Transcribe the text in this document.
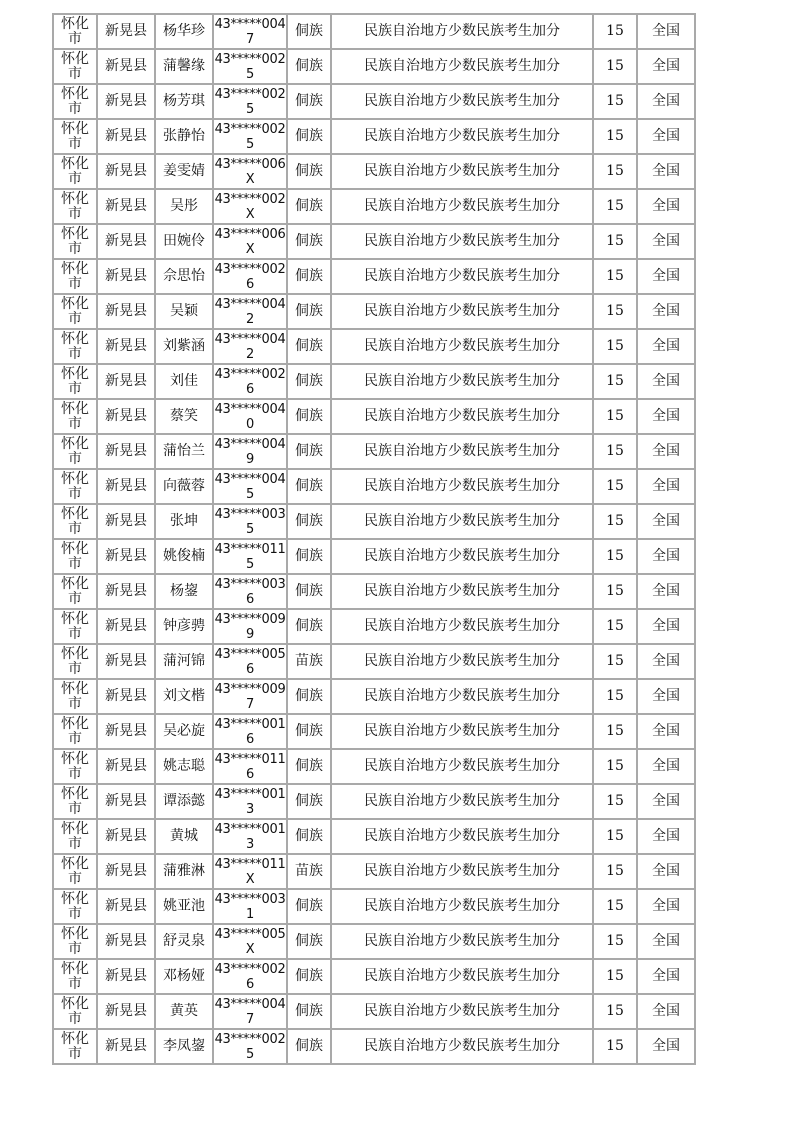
怀化市	新晃县	杨华珍	43*****0047	侗族	民族自治地方少数民族考生加分	15	全国
怀化市	新晃县	蒲馨缘	43*****0025	侗族	民族自治地方少数民族考生加分	15	全国
怀化市	新晃县	杨芳琪	43*****0025	侗族	民族自治地方少数民族考生加分	15	全国
怀化市	新晃县	张静怡	43*****0025	侗族	民族自治地方少数民族考生加分	15	全国
怀化市	新晃县	姜雯婧	43*****006X	侗族	民族自治地方少数民族考生加分	15	全国
怀化市	新晃县	吴彤	43*****002X	侗族	民族自治地方少数民族考生加分	15	全国
怀化市	新晃县	田婉伶	43*****006X	侗族	民族自治地方少数民族考生加分	15	全国
怀化市	新晃县	佘思怡	43*****0026	侗族	民族自治地方少数民族考生加分	15	全国
怀化市	新晃县	吴颖	43*****0042	侗族	民族自治地方少数民族考生加分	15	全国
怀化市	新晃县	刘紫涵	43*****0042	侗族	民族自治地方少数民族考生加分	15	全国
怀化市	新晃县	刘佳	43*****0026	侗族	民族自治地方少数民族考生加分	15	全国
怀化市	新晃县	蔡笑	43*****0040	侗族	民族自治地方少数民族考生加分	15	全国
怀化市	新晃县	蒲怡兰	43*****0049	侗族	民族自治地方少数民族考生加分	15	全国
怀化市	新晃县	向薇蓉	43*****0045	侗族	民族自治地方少数民族考生加分	15	全国
怀化市	新晃县	张坤	43*****0035	侗族	民族自治地方少数民族考生加分	15	全国
怀化市	新晃县	姚俊楠	43*****0115	侗族	民族自治地方少数民族考生加分	15	全国
怀化市	新晃县	杨鋆	43*****0036	侗族	民族自治地方少数民族考生加分	15	全国
怀化市	新晃县	钟彦骋	43*****0099	侗族	民族自治地方少数民族考生加分	15	全国
怀化市	新晃县	蒲河锦	43*****0056	苗族	民族自治地方少数民族考生加分	15	全国
怀化市	新晃县	刘文楷	43*****0097	侗族	民族自治地方少数民族考生加分	15	全国
怀化市	新晃县	吴必旋	43*****0016	侗族	民族自治地方少数民族考生加分	15	全国
怀化市	新晃县	姚志聪	43*****0116	侗族	民族自治地方少数民族考生加分	15	全国
怀化市	新晃县	谭添懿	43*****0013	侗族	民族自治地方少数民族考生加分	15	全国
怀化市	新晃县	黄城	43*****0013	侗族	民族自治地方少数民族考生加分	15	全国
怀化市	新晃县	蒲雅淋	43*****011X	苗族	民族自治地方少数民族考生加分	15	全国
怀化市	新晃县	姚亚池	43*****0031	侗族	民族自治地方少数民族考生加分	15	全国
怀化市	新晃县	舒灵泉	43*****005X	侗族	民族自治地方少数民族考生加分	15	全国
怀化市	新晃县	邓杨娅	43*****0026	侗族	民族自治地方少数民族考生加分	15	全国
怀化市	新晃县	黄英	43*****0047	侗族	民族自治地方少数民族考生加分	15	全国
怀化市	新晃县	李凤鋆	43*****0025	侗族	民族自治地方少数民族考生加分	15	全国
